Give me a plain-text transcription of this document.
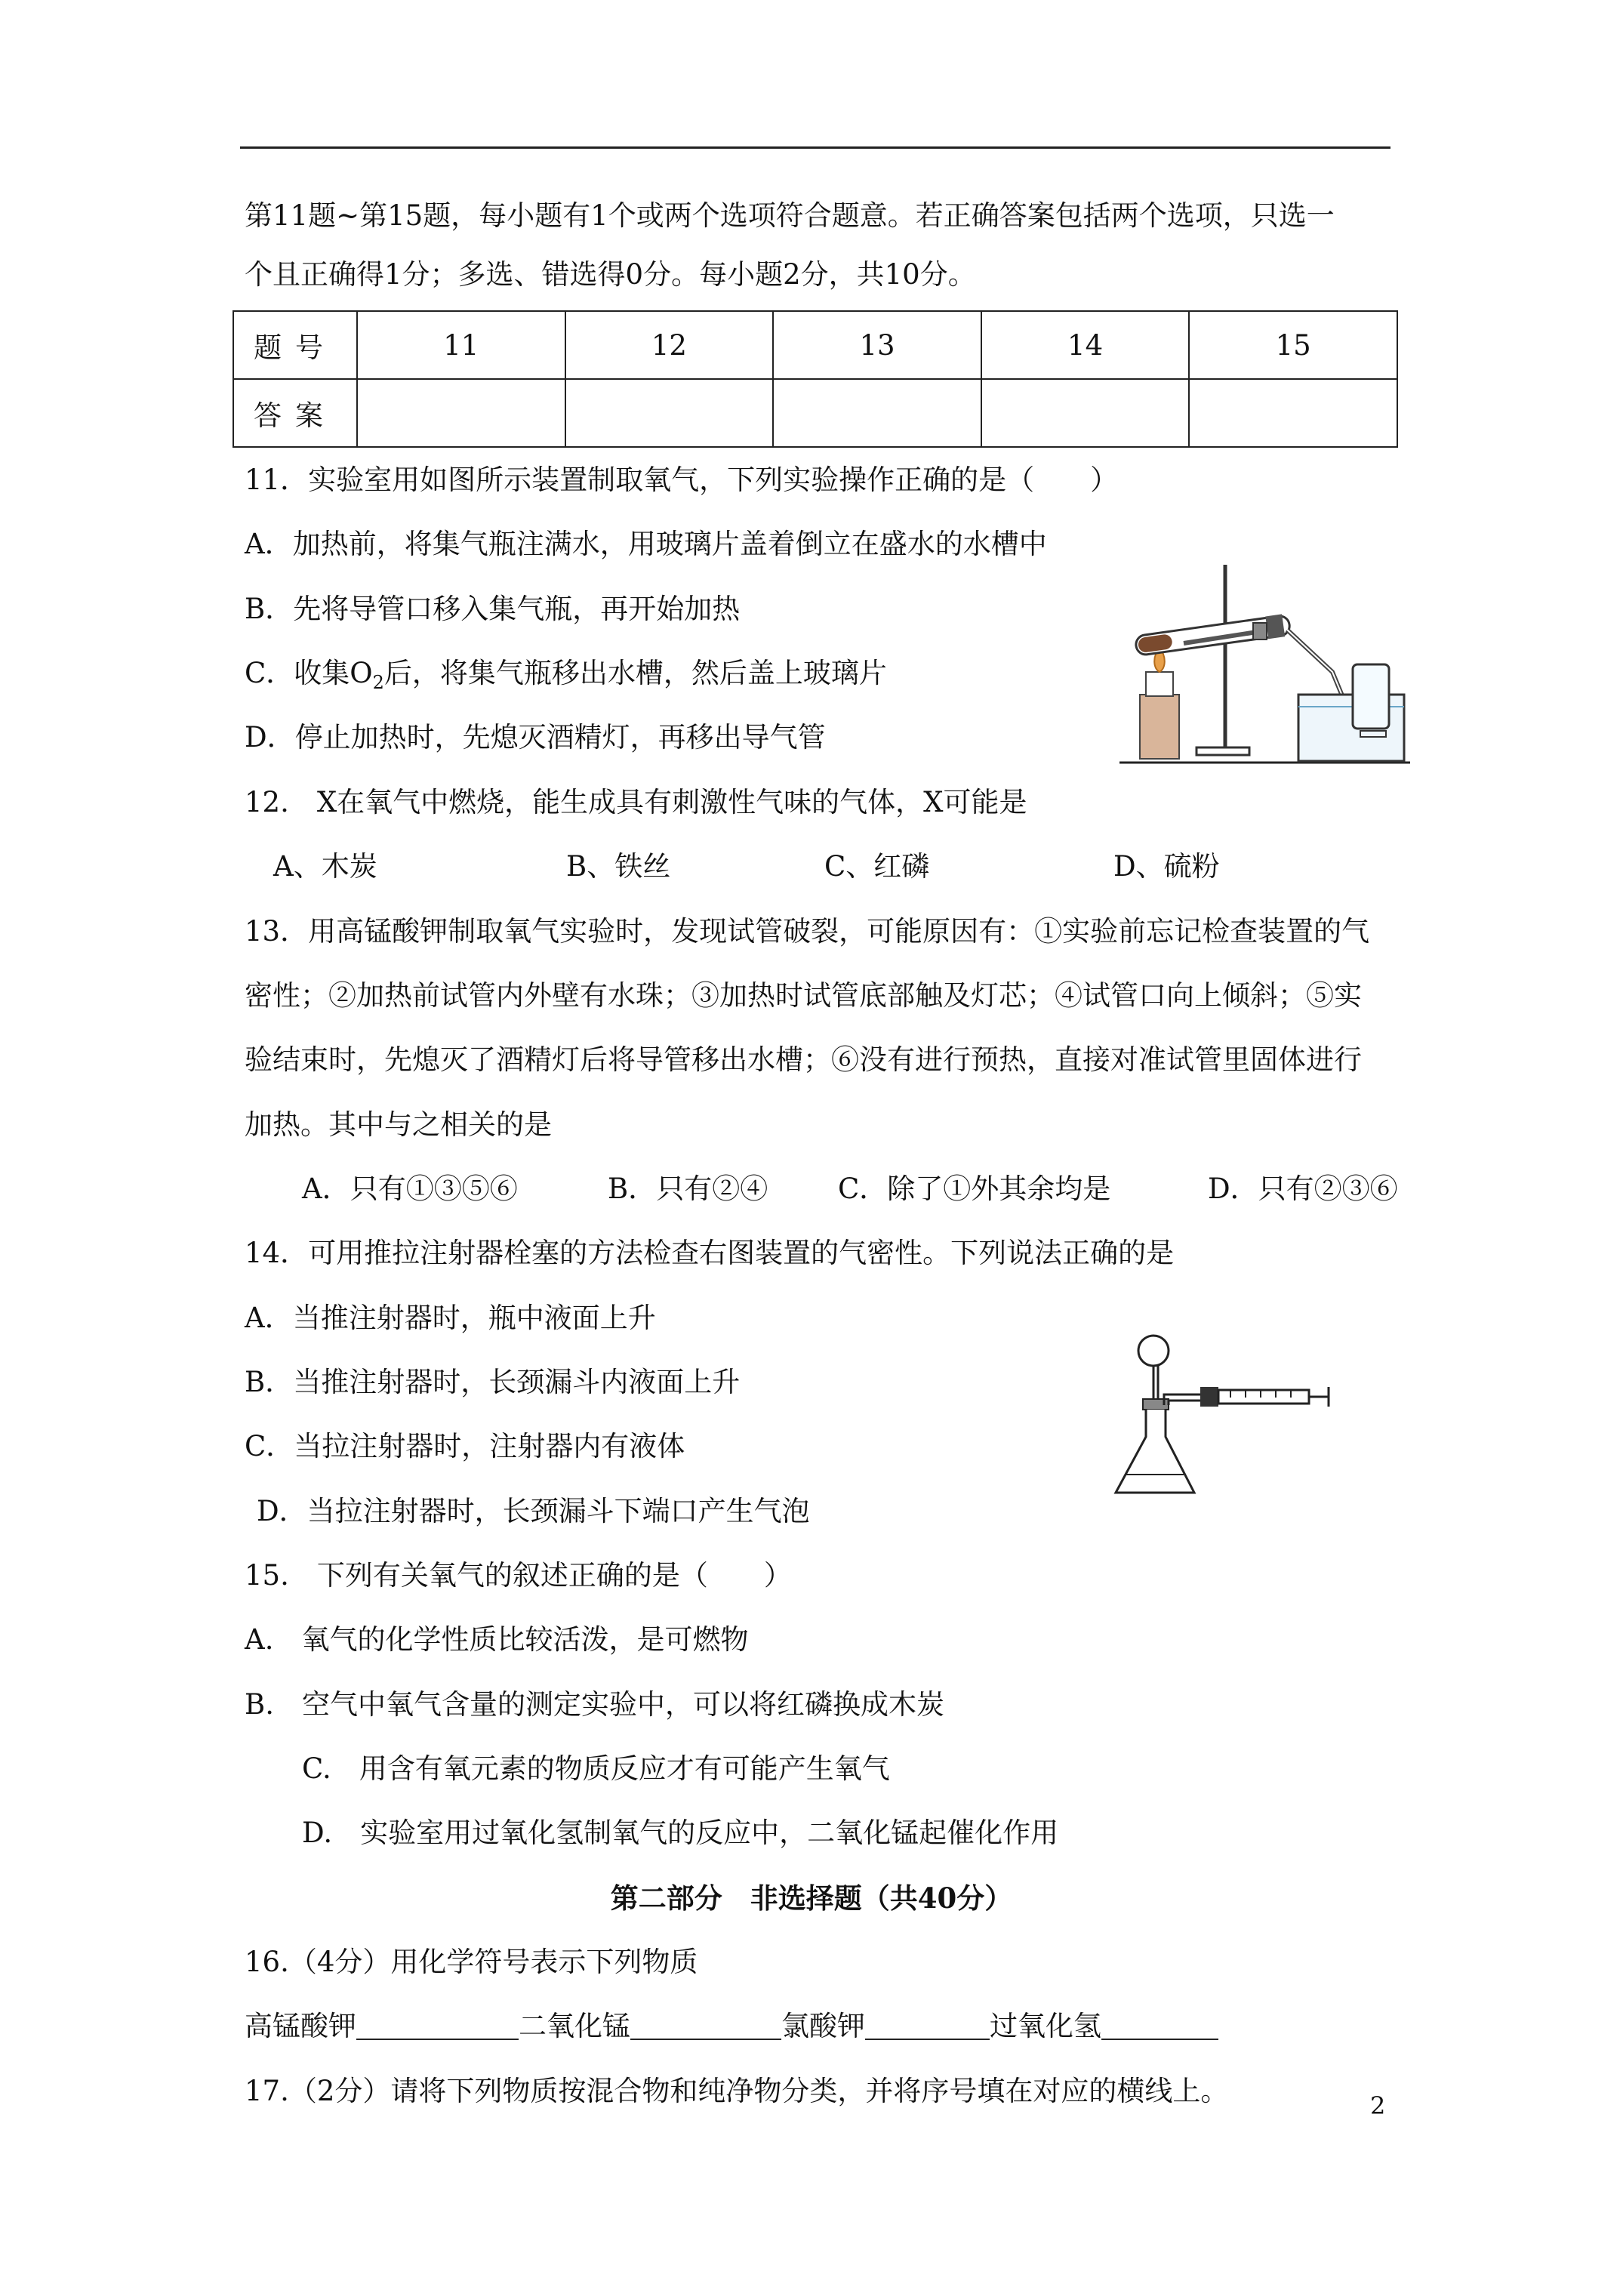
第11题~第15题，每小题有1个或两个选项符合题意。若正确答案包括两个选项，只选一
个且正确得1分；多选、错选得0分。每小题2分，共10分。
题号	11	12	13	14	15
答案					
11．实验室用如图所示装置制取氧气，下列实验操作正确的是（　　）
A．加热前，将集气瓶注满水，用玻璃片盖着倒立在盛水的水槽中
B．先将导管口移入集气瓶，再开始加热
C．收集$O_2$后，将集气瓶移出水槽，然后盖上玻璃片
D．停止加热时，先熄灭酒精灯，再移出导气管
12.　X在氧气中燃烧，能生成具有刺激性气味的气体，X可能是
A、木炭	B、铁丝	C、红磷	D、硫粉
13．用高锰酸钾制取氧气实验时，发现试管破裂，可能原因有：①实验前忘记检查装置的气
密性；②加热前试管内外壁有水珠；③加热时试管底部触及灯芯；④试管口向上倾斜；⑤实
验结束时，先熄灭了酒精灯后将导管移出水槽；⑥没有进行预热，直接对准试管里固体进行
加热。其中与之相关的是
A．只有①③⑤⑥	B．只有②④	C．除了①外其余均是	D．只有②③⑥
14．可用推拉注射器栓塞的方法检查右图装置的气密性。下列说法正确的是
A．当推注射器时，瓶中液面上升
B．当推注射器时，长颈漏斗内液面上升
C．当拉注射器时，注射器内有液体
D．当拉注射器时，长颈漏斗下端口产生气泡
15.　下列有关氧气的叙述正确的是（　　）
A.　氧气的化学性质比较活泼，是可燃物
B.　空气中氧气含量的测定实验中，可以将红磷换成木炭
C.　用含有氧元素的物质反应才有可能产生氧气
D.　实验室用过氧化氢制氧气的反应中，二氧化锰起催化作用
第二部分　非选择题（共40分）
16.（4分）用化学符号表示下列物质
高锰酸钾	二氧化锰	氯酸钾	过氧化氢
17.（2分）请将下列物质按混合物和纯净物分类，并将序号填在对应的横线上。	2
